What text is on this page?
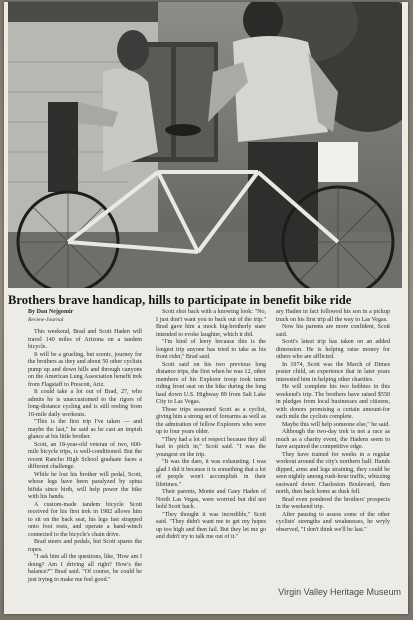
Brothers brave handicap, hills to participate in benefit bike ride

By Dan Nejgomir

Review-Journal

This weekend, Brad and Scott Haden will travel 140 miles of Arizona on a tandem bicycle.

It will be a grueling, but scenic, journey for the brothers as they and about 50 other cyclists pump up and down hills and through canyons on the American Lung Association benefit trek from Flagstaff to Prescott, Ariz.

It could take a lot out of Brad, 27, who admits he is unaccustomed to the rigors of long-distance cycling and is still reeling from 10-mile daily workouts.

"This is the first trip I've taken — and maybe the last," he said as he cast an impish glance at his little brother.

Scott, an 18-year-old veteran of two, 600-mile bicycle trips, is well-conditioned. But the recent Rancho High School graduate faces a different challenge.

While he lost his brother will pedal, Scott, whose legs have been paralyzed by spina bifida since birth, will help power the bike with his hands.

A custom-made tandem bicycle Scott received for his first trek in 1982 allows him to sit on the back seat, his legs fast strapped onto foot rests, and operate a hand-winch connected to the bicycle's chain drive.

Brad steers and pedals, but Scott spares the ropes.

"I ask him all the questions, like, 'How am I doing? Am I driving all right? How's the balance?'" Brad said. "Of course, he could be just trying to make me feel good."

Scott shot back with a knowing look: "No, I just don't want you to back out of the trip." Brad gave him a mock big-brotherly stare intended to evoke laughter, which it did.

"I'm kind of leery because this is the longest trip anyone has tried to take as his front rider," Brad said.

Scott said on his two previous long distance trips, the first when he was 12, other members of his Explorer troop took turns riding front seat on the bike during the long haul down U.S. Highway 89 from Salt Lake City to Las Vegas.

Those trips seasoned Scott as a cyclist, giving him a strong set of forearms as well as the admiration of fellow Explorers who were up to four years older.

"They had a lot of respect because they all had to pitch in," Scott said. "I was the youngest on the trip.

"It was the dare, it was exhausting. I was glad I did it because it is something that a lot of people won't accomplish in their lifetimes."

Their parents, Monte and Gaey Haden of North Las Vegas, were worried but did not hold Scott back.

"They thought it was incredible," Scott said. "They didn't want me to get my hopes up too high and then fail. But they let me go and didn't try to talk me out of it."

ary Haden in fact followed his son in a pickup truck on his first trip all the way to Las Vegas.

Now his parents are more confident, Scott said.

Scott's latest trip has taken on an added dimension. He is helping raise money for others who are afflicted.

In 1974, Scott was the March of Dimes poster child, an experience that in later years interested him in helping other charities.

He will complete his two hobbies in this weekend's trip. The brothers have raised $550 in pledges from local businesses and citizens, with donors promising a certain amount-for each mile the cyclists complete.

Maybe this will help someone else," he said.

Although the two-day trek is not a race as much as a charity event, the Hadens seem to have acquired the competitive edge.

They have trained for weeks in a regular workout around the city's northern half. Hands dipped, arms and legs straining, they could be seen nightly among rush-hour traffic, whizzing eastward down Charleston Boulevard, then north, then back home as dusk fell.

Brad even pondered the brothers' prospects in the weekend trip.

After pausing to assess some of the other cyclists' strengths and weaknesses, he wryly observed, "I don't think we'll be last."

Virgin Valley Heritage Museum
